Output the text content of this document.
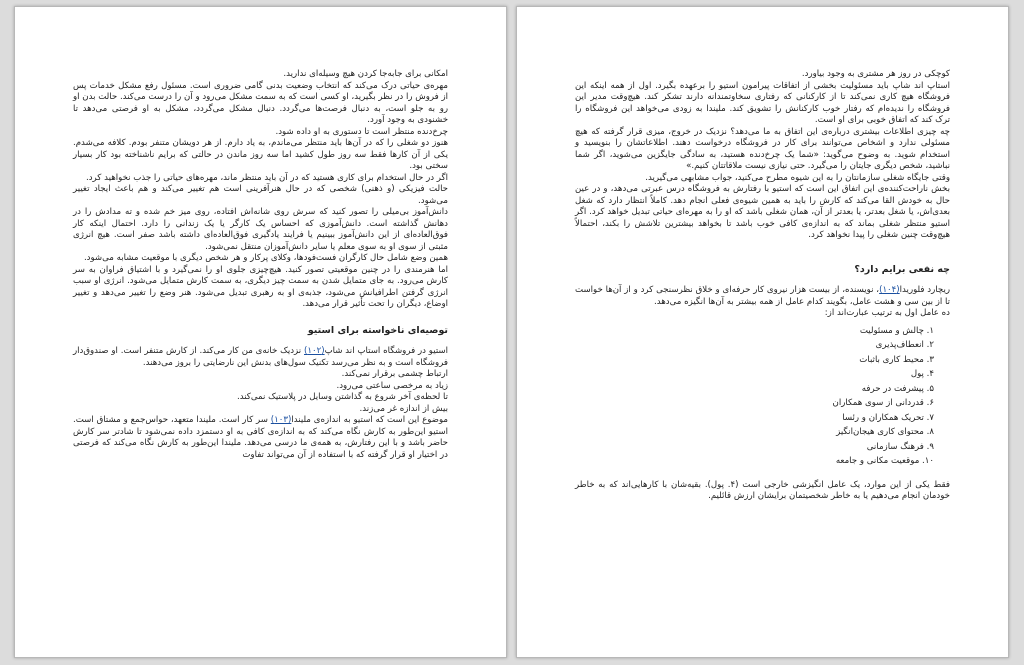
امکانی برای جابه‌جا کردن هیچ وسیله‌ای ندارید.

مهره‌ی حیاتی درک می‌کند که انتخاب وضعیت بدنی گامی ضروری است. مسئول رفع مشکل خدمات پس از فروش را در نظر بگیرید، او کسی است که به سمت مشکل می‌رود و آن را درست می‌کند. حالت بدن او رو به جلو است، به دنبال فرصت‌ها می‌گردد. دنبال مشکل می‌گردد، مشکل به او فرصتی می‌دهد تا خشنودی به وجود آورد.

چرخ‌دنده منتظر است تا دستوری به او داده شود.

هنوز دو شغلی را که در آن‌ها باید منتظر می‌ماندم، به یاد دارم. از هر دویشان متنفر بودم. کلافه می‌شدم. یکی از آن کارها فقط سه روز طول کشید اما سه روز ماندن در حالتی که برایم ناشناخته بود کار بسیار سختی بود.

اگر در حال استخدام برای کاری هستید که در آن باید منتظر ماند، مهره‌های حیاتی را جذب نخواهید کرد.

حالت فیزیکی (و ذهنی) شخصی که در حال هنرآفرینی است هم تغییر می‌کند و هم باعث ایجاد تغییر می‌شود.

دانش‌آموز بی‌میلی را تصور کنید که سرش روی شانه‌اش افتاده، روی میز خم شده و ته مدادش را در دهانش گذاشته است. دانش‌آموزی که احساس یک کارگر یا یک زندانی را دارد. احتمال اینکه کار فوق‌العاده‌ای از این دانش‌آموز ببینیم یا فرایند یادگیری فوق‌العاده‌ای داشته باشد صفر است. هیچ انرژی مثبتی از سوی او به سوی معلم یا سایر دانش‌آموزان منتقل نمی‌شود.

همین وضع شامل حال کارگران فست‌فودها، وکلای پرکار و هر شخص دیگری با موقعیت مشابه می‌شود.

اما هنرمندی را در چنین موقعیتی تصور کنید. هیچ‌چیزی جلوی او را نمی‌گیرد و با اشتیاق فراوان به سر کارش می‌رود. به جای متمایل شدن به سمت چیز دیگری، به سمت کارش متمایل می‌شود. انرژی او سبب انرژی گرفتن اطرافیانش می‌شود، جذبه‌ی او به رهبری تبدیل می‌شود. هنر وضع را تغییر می‌دهد و تغییر اوضاع، دیگران را تحت تأثیر قرار می‌دهد.

توصیه‌ای ناخواسته برای استیو

استیو در فروشگاه استاپ اند شاپ(۱۰۲) نزدیک خانه‌ی من کار می‌کند. از کارش متنفر است. او صندوق‌دار فروشگاه است و به نظر می‌رسد تکنیک سول‌های بدنش این نارضایتی را بروز می‌دهند.

ارتباط چشمی برقرار نمی‌کند.

زیاد به مرخصی ساعتی می‌رود.

تا لحظه‌ی آخر شروع به گذاشتن وسایل در پلاستیک نمی‌کند.

بیش از اندازه غر می‌زند.

موضوع این است که استیو به اندازه‌ی ملیندا(۱۰۳) سر کار است. ملیندا متعهد، حواس‌جمع و مشتاق است. استیو این‌طور به کارش نگاه می‌کند که به اندازه‌ی کافی به او دستمزد داده نمی‌شود تا شادتر سر کارش حاضر باشد و با این رفتارش، به همه‌ی ما درسی می‌دهد. ملیندا این‌طور به کارش نگاه می‌کند که فرصتی در اختیار او قرار گرفته که با استفاده از آن می‌تواند تفاوت

کوچکی در روز هر مشتری به وجود بیاورد.

استاپ اند شاپ باید مسئولیت بخشی از اتفاقات پیرامون استیو را برعهده بگیرد. اول از همه اینکه این فروشگاه هیچ کاری نمی‌کند تا از کارکنانی که رفتاری سخاوتمندانه دارند تشکر کند. هیچ‌وقت مدیر این فروشگاه را ندیده‌ام که رفتار خوب کارکنانش را تشویق کند. ملیندا به زودی می‌خواهد این فروشگاه را ترک کند که اتفاق خوبی برای او است.

چه چیزی اطلاعات بیشتری درباره‌ی این اتفاق به ما می‌دهد؟ نزدیک در خروج، میزی قرار گرفته که هیچ مسئولی ندارد و اشخاص می‌توانند برای کار در فروشگاه درخواست دهند. اطلاعاتشان را بنویسید و استخدام شوید. به وضوح می‌گوید: «شما یک چرخ‌دنده هستید، به سادگی جایگزین می‌شوید، اگر شما نباشید، شخص دیگری جایتان را می‌گیرد. حتی نیازی نیست ملاقاتتان کنیم.»

وقتی جایگاه شغلی سازمانتان را به این شیوه مطرح می‌کنید، جواب مشابهی می‌گیرید.

بخش ناراحت‌کننده‌ی این اتفاق این است که استیو با رفتارش به فروشگاه درس عبرتی می‌دهد، و در عین حال به خودش القا می‌کند که کارش را باید به همین شیوه‌ی فعلی انجام دهد. کاملاً انتظار دارد که شغل بعدی‌اش، یا شغل بعدتر، یا بعدتر از آن، همان شغلی باشد که او را به مهره‌ای حیاتی تبدیل خواهد کرد. اگر استیو منتظر شغلی بماند که به اندازه‌ی کافی خوب باشد تا بخواهد بیشترین تلاشش را بکند، احتمالاً هیچ‌وقت چنین شغلی را پیدا نخواهد کرد.

چه نفعی برایم دارد؟

ریچارد فلوریدا(۱۰۴)، نویسنده، از بیست هزار نیروی کار حرفه‌ای و خلاق نظرسنجی کرد و از آن‌ها خواست تا از بین سی و هشت عامل، بگویند کدام عامل از همه بیشتر به آن‌ها انگیزه می‌دهد.

ده عامل اول به ترتیب عبارت‌اند از:

۱. چالش و مسئولیت
۲. انعطاف‌پذیری
۳. محیط کاری باثبات
۴. پول
۵. پیشرفت در حرفه
۶. قدردانی از سوی همکاران
۷. تحریک همکاران و رئسا
۸. محتوای کاری هیجان‌انگیز
۹. فرهنگ سازمانی
۱۰. موقعیت مکانی و جامعه

فقط یکی از این موارد، یک عامل انگیزشی خارجی است (۴. پول). بقیه‌شان با کارهایی‌اند که به خاطر خودمان انجام می‌دهیم یا به خاطر شخصیتمان برایشان ارزش قائلیم.
